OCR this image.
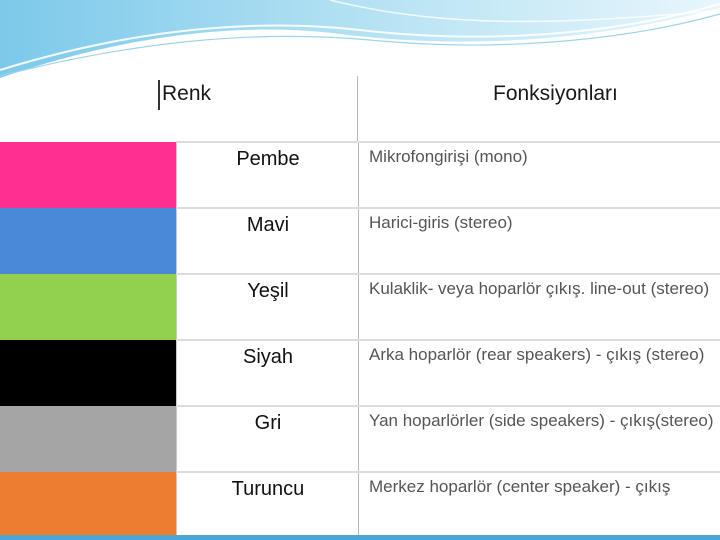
Renk	Fonksiyonları
Pembe	Mikrofongirişi (mono)
Mavi	Harici-giris (stereo)
Yeşil	Kulaklik- veya hoparlör çıkış. line-out (stereo)
Siyah	Arka hoparlör (rear speakers) - çıkış (stereo)
Gri	Yan hoparlörler (side speakers) - çıkış(stereo)
Turuncu	Merkez hoparlör (center speaker) - çıkış
